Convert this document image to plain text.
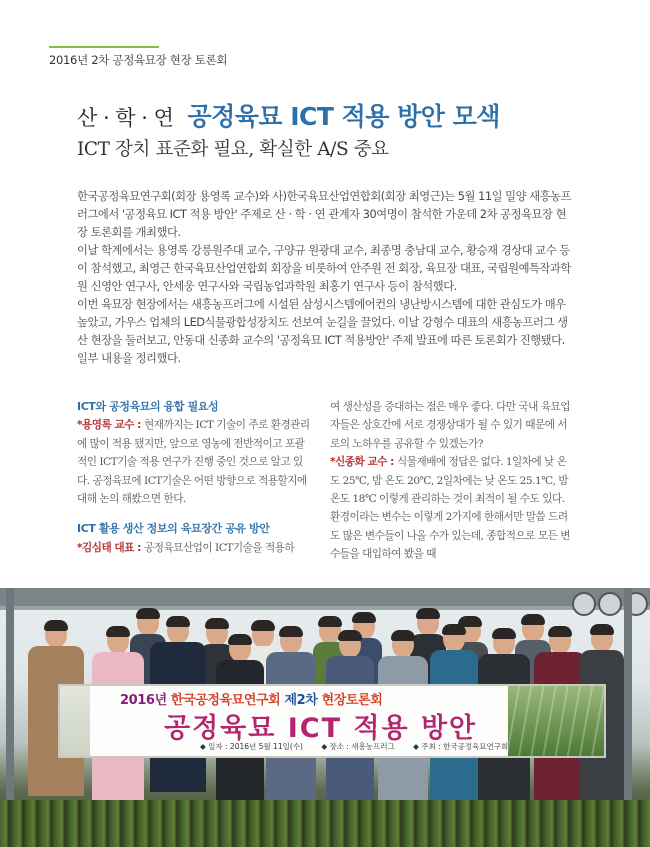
2016년 2차 공정육묘장 현장 토론회
산 · 학 · 연 공정육묘 ICT 적용 방안 모색
ICT 장치 표준화 필요, 확실한 A/S 중요

한국공정육묘연구회(회장 용영록 교수)와 사)한국육묘산업연합회(회장 최영근)는 5월 11일 밀양 새흥농프러그에서 '공정육묘 ICT 적용 방안' 주제로 산 · 학 · 연 관계자 30여명이 참석한 가운데 2차 공정육묘장 현장 토론회를 개최했다.

이날 학계에서는 용영록 강릉원주대 교수, 구양규 원광대 교수, 최종명 충남대 교수, 황승재 경상대 교수 등이 참석했고, 최영근 한국육묘산업연합회 회장을 비롯하여 안주원 전 회장, 육묘장 대표, 국립원예특작과학원 신영안 연구사, 안세웅 연구사와 국립농업과학원 최홍기 연구사 등이 참석했다.

이번 육묘장 현장에서는 새흥농프러그에 시설된 삼성시스템에어컨의 냉난방시스템에 대한 관심도가 매우 높았고, 가우스 업체의 LED식물광합성장치도 선보여 눈길을 끌었다. 이날 강형수 대표의 새흥농프러그 생산 현장을 둘러보고, 안동대 신종화 교수의 '공정육묘 ICT 적용방안' 주제 발표에 따른 토론회가 진행됐다. 일부 내용을 정리했다.

ICT와 공정육묘의 융합 필요성

*용영록 교수 : 현재까지는 ICT 기술이 주로 환경관리에 많이 적용 됐지만, 앞으로 영농에 전반적이고 포괄적인 ICT기술 적용 연구가 진행 중인 것으로 알고 있다. 공정육묘에 ICT기술은 어떤 방향으로 적용할지에 대해 논의 해봤으면 한다.

ICT 활용 생산 정보의 육묘장간 공유 방안

*김심태 대표 : 공정육묘산업이 ICT기술을 적용하

여 생산성을 증대하는 점은 매우 좋다. 다만 국내 육묘업자들은 상호간에 서로 경쟁상대가 될 수 있기 때문에 서로의 노하우를 공유할 수 있겠는가?

*신종화 교수 : 식물재배에 정답은 없다. 1일차에 낮 온도 25℃, 밤 온도 20℃, 2일차에는 낮 온도 25.1℃, 밤 온도 18℃ 이렇게 관리하는 것이 최적이 될 수도 있다. 환경이라는 변수는 이렇게 2가지에 한해서만 말씀 드려도 많은 변수들이 나올 수가 있는데, 종합적으로 모든 변수들을 대입하여 봤을 때

2016년 한국공정육묘연구회 제2차 현장토론회
공정육묘 ICT 적용 방안
◆ 일자 : 2016년 5월 11일(수) ◆ 장소 : 새흥농프러그 ◆ 주최 : 한국공정육묘연구회
